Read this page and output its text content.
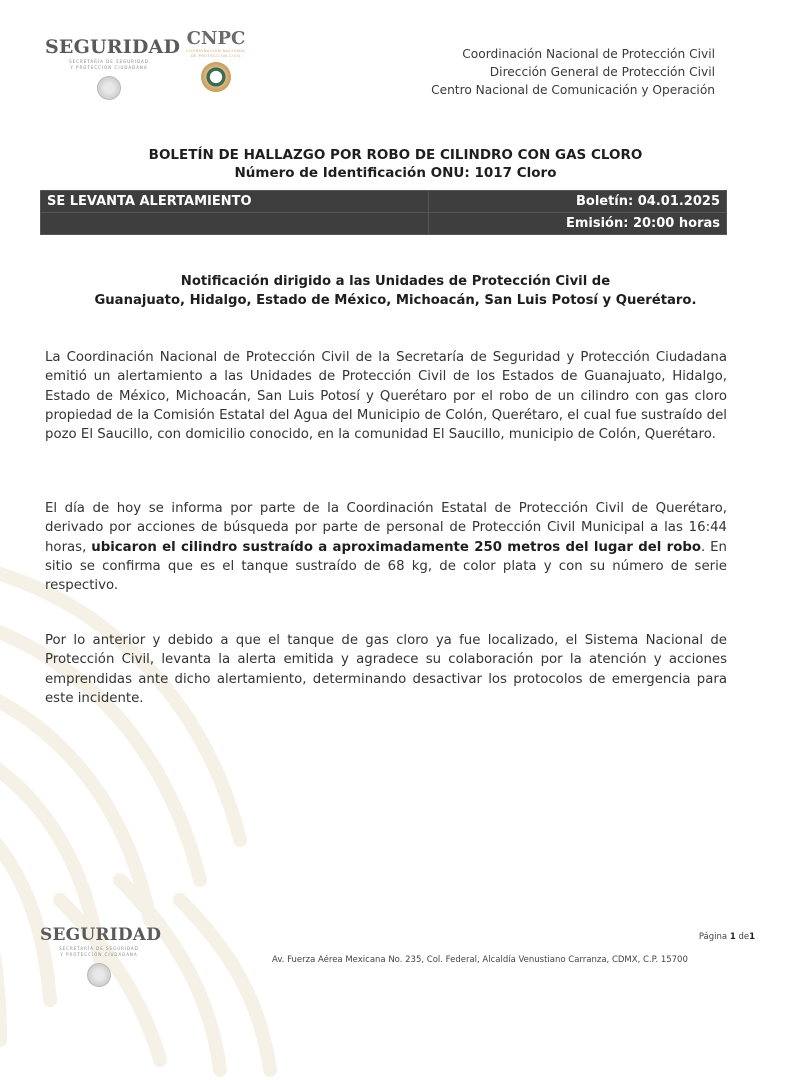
SEGURIDAD
SECRETARÍA DE SEGURIDAD
Y PROTECCIÓN CIUDADANA
CNPC
COORDINACIÓN NACIONAL
DE PROTECCIÓN CIVIL	Coordinación Nacional de Protección Civil
Dirección General de Protección Civil
Centro Nacional de Comunicación y Operación
BOLETÍN DE HALLAZGO POR ROBO DE CILINDRO CON GAS CLORO
Número de Identificación ONU: 1017 Cloro
SE LEVANTA ALERTAMIENTO	Boletín: 04.01.2025
	Emisión: 20:00 horas
Notificación dirigido a las Unidades de Protección Civil de
Guanajuato, Hidalgo, Estado de México, Michoacán, San Luis Potosí y Querétaro.

La Coordinación Nacional de Protección Civil de la Secretaría de Seguridad y Protección Ciudadana emitió un alertamiento a las Unidades de Protección Civil de los Estados de Guanajuato, Hidalgo, Estado de México, Michoacán, San Luis Potosí y Querétaro por el robo de un cilindro con gas cloro propiedad de la Comisión Estatal del Agua del Municipio de Colón, Querétaro, el cual fue sustraído del pozo El Saucillo, con domicilio conocido, en la comunidad El Saucillo, municipio de Colón, Querétaro.

El día de hoy se informa por parte de la Coordinación Estatal de Protección Civil de Querétaro, derivado por acciones de búsqueda por parte de personal de Protección Civil Municipal a las 16:44 horas, ubicaron el cilindro sustraído a aproximadamente 250 metros del lugar del robo. En sitio se confirma que es el tanque sustraído de 68 kg, de color plata y con su número de serie respectivo.

Por lo anterior y debido a que el tanque de gas cloro ya fue localizado, el Sistema Nacional de Protección Civil, levanta la alerta emitida y agradece su colaboración por la atención y acciones emprendidas ante dicho alertamiento, determinando desactivar los protocolos de emergencia para este incidente.

SEGURIDAD
SECRETARÍA DE SEGURIDAD
Y PROTECCIÓN CIUDADANA
Página 1 de1
Av. Fuerza Aérea Mexicana No. 235, Col. Federal, Alcaldía Venustiano Carranza, CDMX, C.P. 15700
